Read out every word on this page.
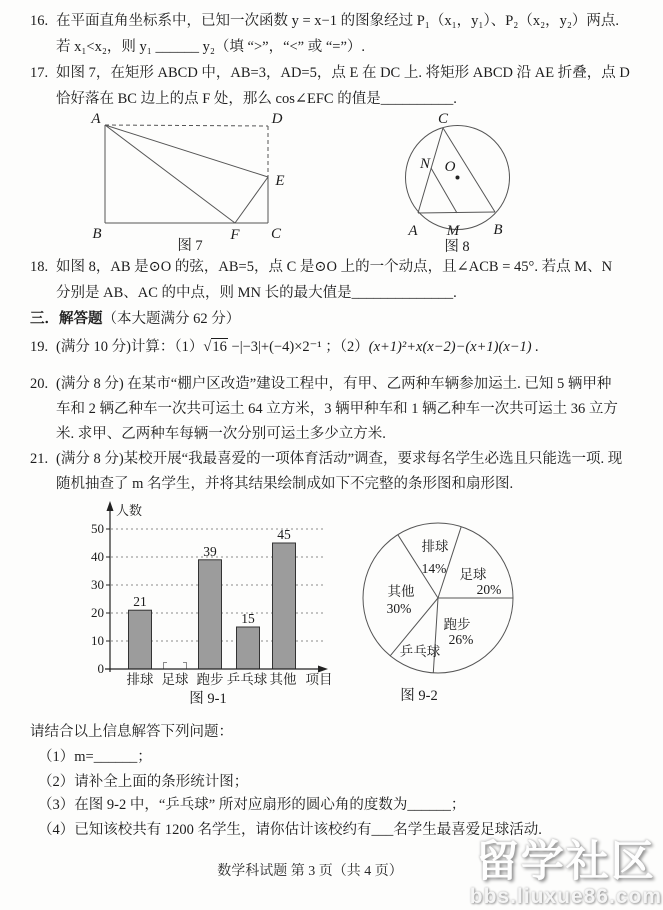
16. 在平面直角坐标系中，已知一次函数 y = x−1 的图象经过 P₁（x₁，y₁）、P₂（x₂，y₂）两点.
若 x₁<x₂，则 y₁ ______ y₂（填 “>”，“<” 或 “=”）.
17. 如图 7，在矩形 ABCD 中，AB=3，AD=5，点 E 在 DC 上. 将矩形 ABCD 沿 AE 折叠，点 D
恰好落在 BC 边上的点 F 处，那么 cos∠EFC 的值是__________.
A	D
B	C
E
F
图 7
C
N O
A M B
图 8
18. 如图 8，AB 是⊙O 的弦，AB=5，点 C 是⊙O 上的一个动点，且∠ACB = 45°. 若点 M、N
分别是 AB、AC 的中点，则 MN 长的最大值是______________.
三．解答题（本大题满分 62 分）
19. (满分 10 分)计算：（1）√16 −|−3|+(−4)×2⁻¹ ；（2）(x+1)²+x(x−2)−(x+1)(x−1) .
20. (满分 8 分) 在某市“棚户区改造”建设工程中，有甲、乙两种车辆参加运土. 已知 5 辆甲种
车和 2 辆乙种车一次共可运土 64 立方米，3 辆甲种车和 1 辆乙种车一次共可运土 36 立方
米. 求甲、乙两种车每辆一次分别可运土多少立方米.
21. (满分 8 分)某校开展“我最喜爱的一项体育活动”调查，要求每名学生必选且只能选一项. 现
随机抽查了 m 名学生，并将其结果绘制成如下不完整的条形图和扇形图.
50
40
30
20
10
0
人数
21
39
15
45
排球 足球 跑步 乒乓球 其他 项目
图 9-1
排球
14% 足球
20%
其他
30%
跑步
26%
乒乓球
图 9-2
请结合以上信息解答下列问题：
（1）m=______；
（2）请补全上面的条形统计图；
（3）在图 9-2 中，“乒乓球” 所对应扇形的圆心角的度数为______；
（4）已知该校共有 1200 名学生，请你估计该校约有___名学生最喜爱足球活动.
数学科试题 第 3 页（共 4 页）	留学社区
bbs.liuxue86.com
